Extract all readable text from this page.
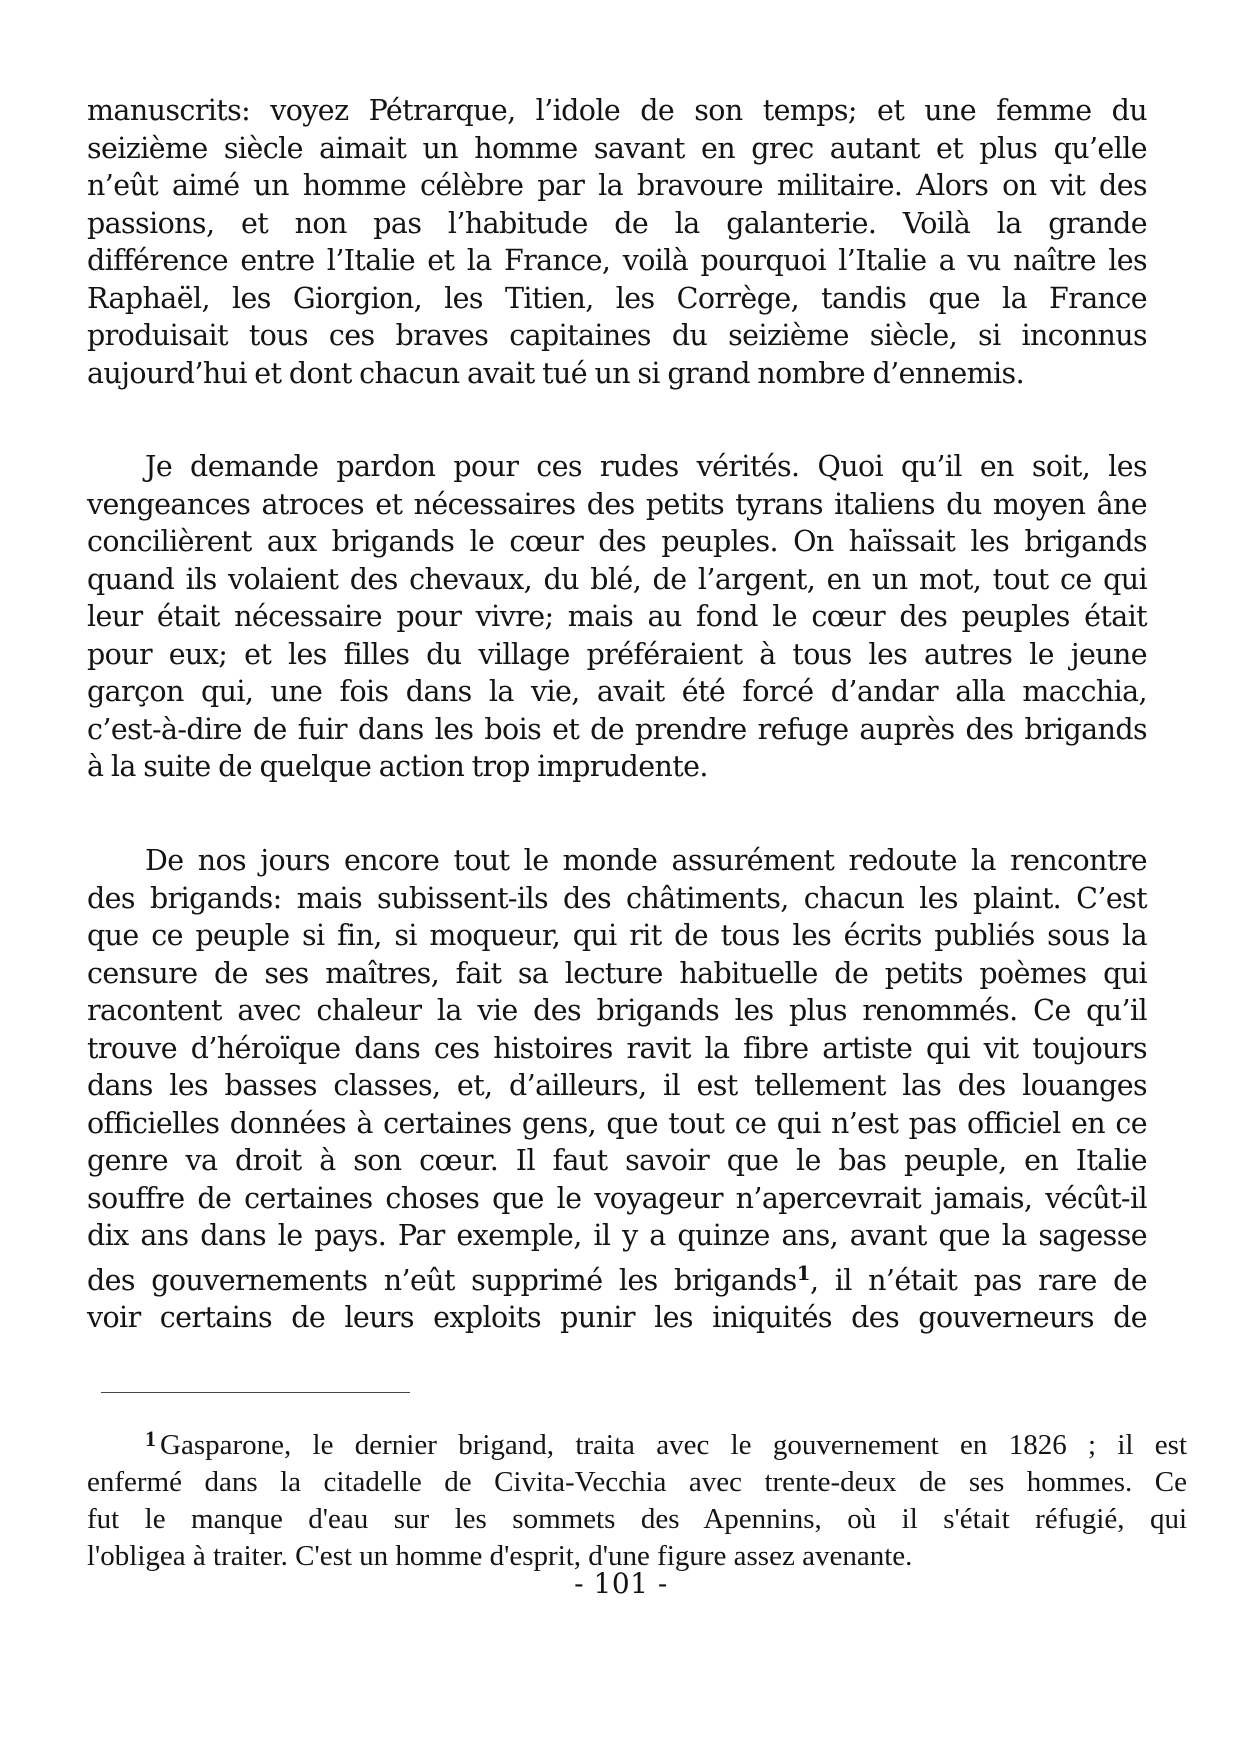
manuscrits: voyez Pétrarque, l’idole de son temps; et une femme du
seizième siècle aimait un homme savant en grec autant et plus qu’elle
n’eût aimé un homme célèbre par la bravoure militaire. Alors on vit des
passions, et non pas l’habitude de la galanterie. Voilà la grande
différence entre l’Italie et la France, voilà pourquoi l’Italie a vu naître les
Raphaël, les Giorgion, les Titien, les Corrège, tandis que la France
produisait tous ces braves capitaines du seizième siècle, si inconnus
aujourd’hui et dont chacun avait tué un si grand nombre d’ennemis.
Je demande pardon pour ces rudes vérités. Quoi qu’il en soit, les
vengeances atroces et nécessaires des petits tyrans italiens du moyen âne
concilièrent aux brigands le cœur des peuples. On haïssait les brigands
quand ils volaient des chevaux, du blé, de l’argent, en un mot, tout ce qui
leur était nécessaire pour vivre; mais au fond le cœur des peuples était
pour eux; et les filles du village préféraient à tous les autres le jeune
garçon qui, une fois dans la vie, avait été forcé d’andar alla macchia,
c’est-à-dire de fuir dans les bois et de prendre refuge auprès des brigands
à la suite de quelque action trop imprudente.
De nos jours encore tout le monde assurément redoute la rencontre
des brigands: mais subissent-ils des châtiments, chacun les plaint. C’est
que ce peuple si fin, si moqueur, qui rit de tous les écrits publiés sous la
censure de ses maîtres, fait sa lecture habituelle de petits poèmes qui
racontent avec chaleur la vie des brigands les plus renommés. Ce qu’il
trouve d’héroïque dans ces histoires ravit la fibre artiste qui vit toujours
dans les basses classes, et, d’ailleurs, il est tellement las des louanges
officielles données à certaines gens, que tout ce qui n’est pas officiel en ce
genre va droit à son cœur. Il faut savoir que le bas peuple, en Italie
souffre de certaines choses que le voyageur n’apercevrait jamais, vécût-il
dix ans dans le pays. Par exemple, il y a quinze ans, avant que la sagesse
des gouvernements n’eût supprimé les brigands$^1$, il n’était pas rare de
voir certains de leurs exploits punir les iniquités des gouverneurs de
$^1$ Gasparone, le dernier brigand, traita avec le gouvernement en 1826 ; il est
enfermé dans la citadelle de Civita-Vecchia avec trente-deux de ses hommes. Ce
fut le manque d'eau sur les sommets des Apennins, où il s'était réfugié, qui
l'obligea à traiter. C'est un homme d'esprit, d'une figure assez avenante.
- 101 -
